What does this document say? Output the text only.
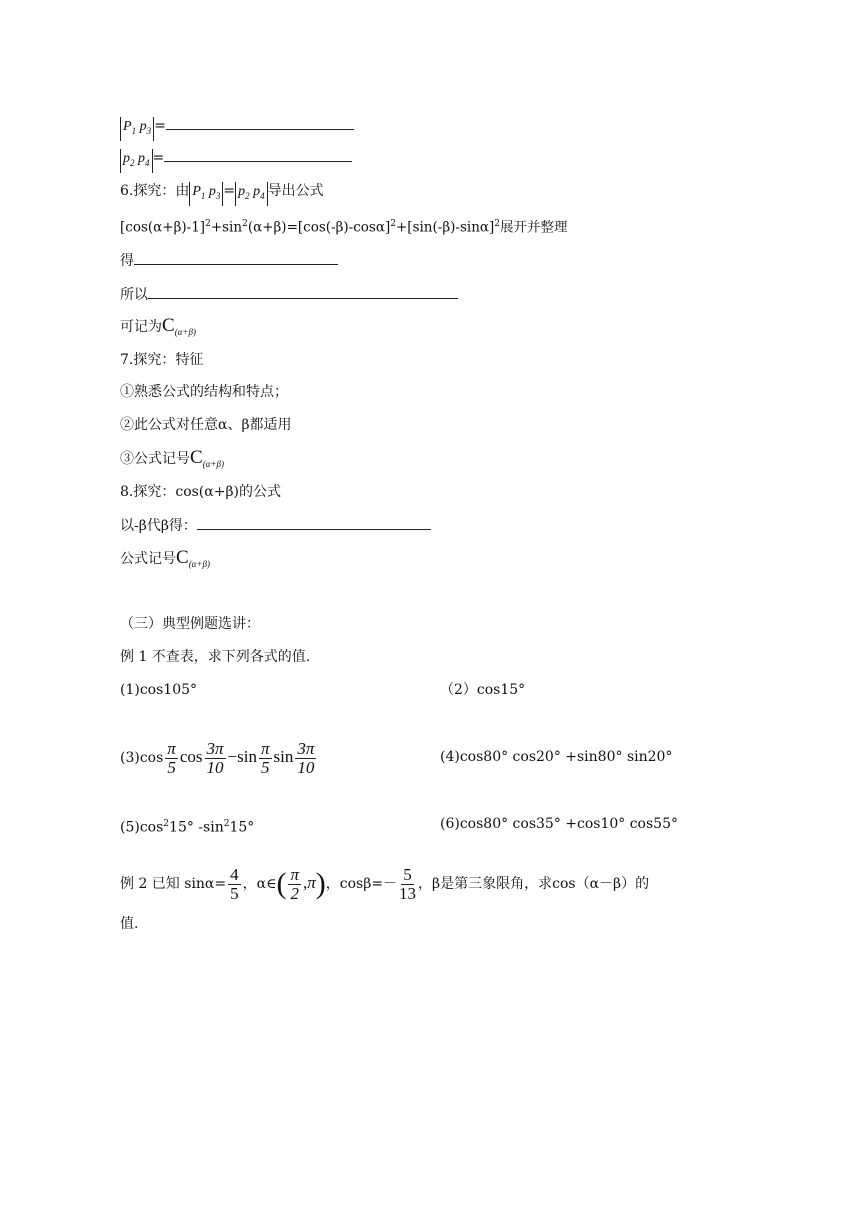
$P_1$ $p_3$ =
$p_2$ $p_4$ =
6.探究：由 $P_1$ $p_3 = p_2$ $p_4$ 导出公式
$[\cos(\alpha+\beta)-1]^2+\sin^2(\alpha+\beta)=[\cos(-\beta)-\cos\alpha]^2+[\sin(-\beta)-\sin\alpha]^2$展开并整理
得
所以
可记为$C_{(\alpha+\beta)}$
7.探究：特征
①熟悉公式的结构和特点；
②此公式对任意α、β都适用
③公式记号$C_{(\alpha+\beta)}$
8.探究：cos(α+β)的公式
以-β代β得：
公式记号$C_{(\alpha+\beta)}$
（三）典型例题选讲：
例 1 不查表，求下列各式的值.
(1)cos105°	（2）cos15°
$(3)\cos \frac{\pi}{5}$ $\cos \frac{3\pi}{10} -\sin \frac{\pi}{5}$ $\sin \frac{3\pi}{10}$	(4)cos80° cos20° +sin80° sin20°
$(5)\cos^215^\circ$ $-\sin^215^\circ$	(6)cos80° cos35° +cos10° cos55°
例 2 已知 $\sin\alpha= \frac{4}{5}$ ，α∈( $\frac{\pi}{2} ,\pi$)，$\cos\beta=- \frac{5}{13}$ ，β是第三象限角，求cos（α－β）的
值.
